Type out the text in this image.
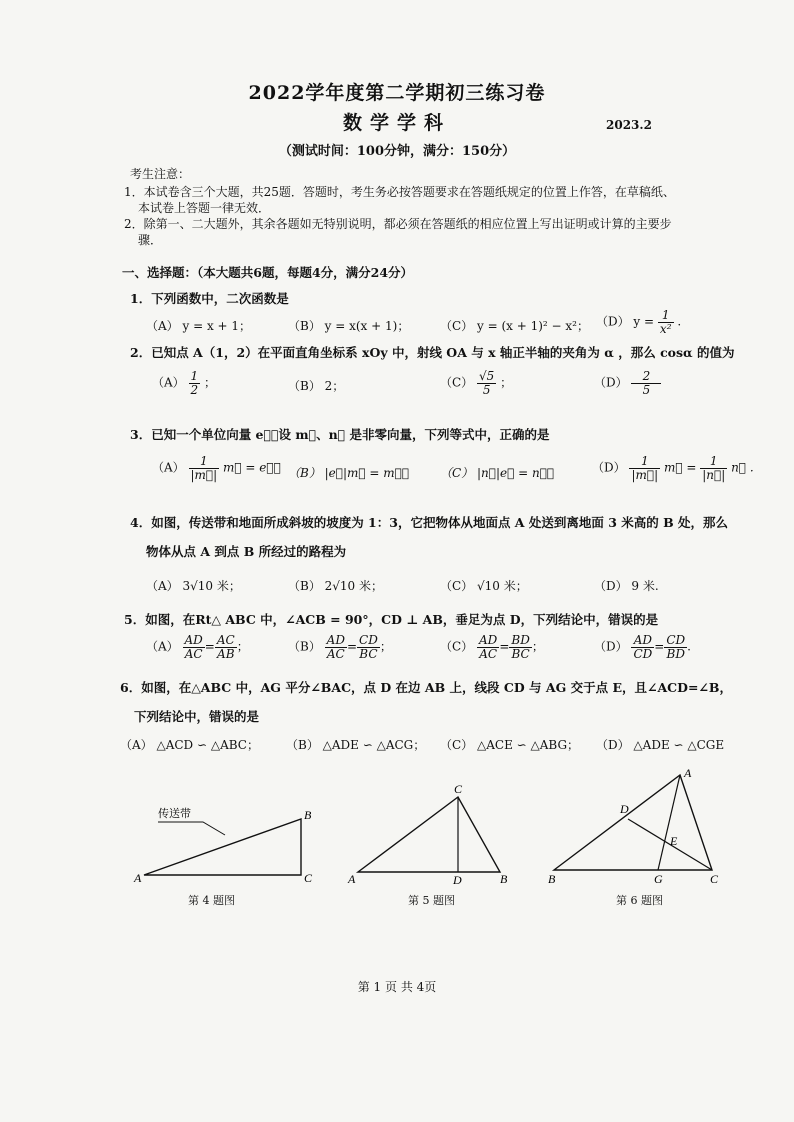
2022学年度第二学期初三练习卷
数学学科	2023.2
（测试时间：100分钟，满分：150分）
考生注意：
1．本试卷含三个大题，共25题．答题时，考生务必按答题要求在答题纸规定的位置上作答，在草稿纸、
本试卷上答题一律无效．
2．除第一、二大题外，其余各题如无特别说明，都必须在答题纸的相应位置上写出证明或计算的主要步
骤．
一、选择题：（本大题共6题，每题4分，满分24分）
1．下列函数中，二次函数是
（A） y = x + 1；	（B） y = x(x + 1)；	（C） y = (x + 1)² − x²； （D） $y = \frac{1}{\text{x²}}$ .
2．已知点 A（1，2）在平面直角坐标系 xOy 中，射线 OA 与 x 轴正半轴的夹角为 α ，那么 cosα 的值为
$(A) \frac{1}{2}$ ；	（B） 2；	$(C) \frac{√5}{5}$ ；	$(D) \frac{2}{5}$
3．已知一个单位向量 e⃗，设 m⃗、n⃗ 是非零向量，下列等式中，正确的是
$(A) \frac{1}{|m⃗|}$ m⃗ = e⃗； （B） |e⃗|m⃗ = m⃗；	（C） |n⃗|e⃗ = n⃗；	$(D) \frac{1}{|m⃗|}$ m⃗ = $\frac{1}{|n⃗|}$ n⃗ .
4．如图，传送带和地面所成斜坡的坡度为 1：3，它把物体从地面点 A 处送到离地面 3 米高的 B 处，那么
物体从点 A 到点 B 所经过的路程为
（A） 3√10 米；	（B） 2√10 米；	（C） √10 米；	（D） 9 米.
5．如图，在Rt△ ABC 中，∠ACB = 90°，CD ⊥ AB，垂足为点 D，下列结论中，错误的是
$(A) \frac{AD}{AC} = \frac{AC}{AB}$ ；	$(B) \frac{AD}{AC} = \frac{CD}{BC}$ ；	$(C) \frac{AD}{AC} = \frac{BD}{BC}$ ；	$(D) \frac{AD}{CD} = \frac{CD}{BD}$ .
6．如图，在△ABC 中，AG 平分∠BAC，点 D 在边 AB 上，线段 CD 与 AG 交于点 E，且∠ACD=∠B，
下列结论中，错误的是
（A） △ACD ∽ △ABC； （B） △ADE ∽ △ACG； （C） △ACE ∽ △ABG； （D） △ADE ∽ △CGE
传送带
A
B
C
第 4 题图
A
C
D	B
第 5 题图
A
D
E
B	G	C
第 6 题图
第 1 页 共 4页
